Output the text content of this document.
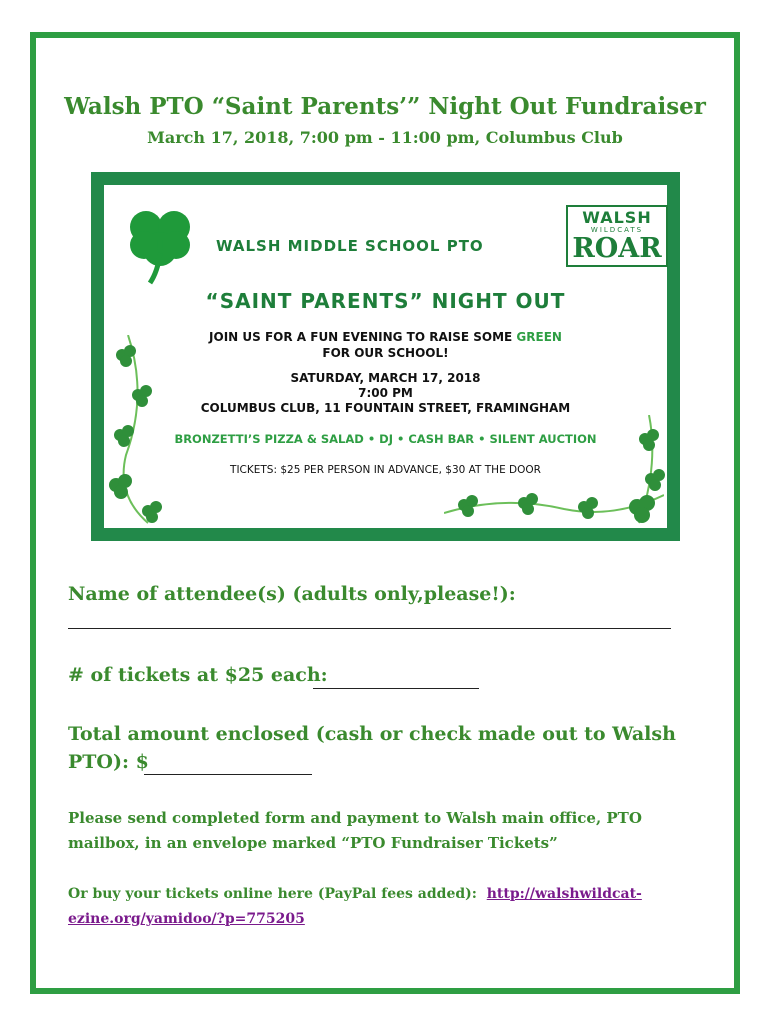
Walsh PTO “Saint Parents’” Night Out Fundraiser
March 17, 2018, 7:00 pm - 11:00 pm, Columbus Club
WALSH MIDDLE SCHOOL PTO
WALSH
WILDCATS
ROAR
“SAINT PARENTS” NIGHT OUT
JOIN US FOR A FUN EVENING TO RAISE SOME GREEN
FOR OUR SCHOOL!
SATURDAY, MARCH 17, 2018
7:00 PM
COLUMBUS CLUB, 11 FOUNTAIN STREET, FRAMINGHAM
BRONZETTI’S PIZZA & SALAD • DJ • CASH BAR • SILENT AUCTION
TICKETS: $25 PER PERSON IN ADVANCE, $30 AT THE DOOR
Name of attendee(s) (adults only,please!):
# of tickets at $25 each:
Total amount enclosed (cash or check made out to Walsh PTO): $
Please send completed form and payment to Walsh main office, PTO mailbox, in an envelope marked “PTO Fundraiser Tickets”
Or buy your tickets online here (PayPal fees added): http://walshwildcat-ezine.org/yamidoo/?p=775205
